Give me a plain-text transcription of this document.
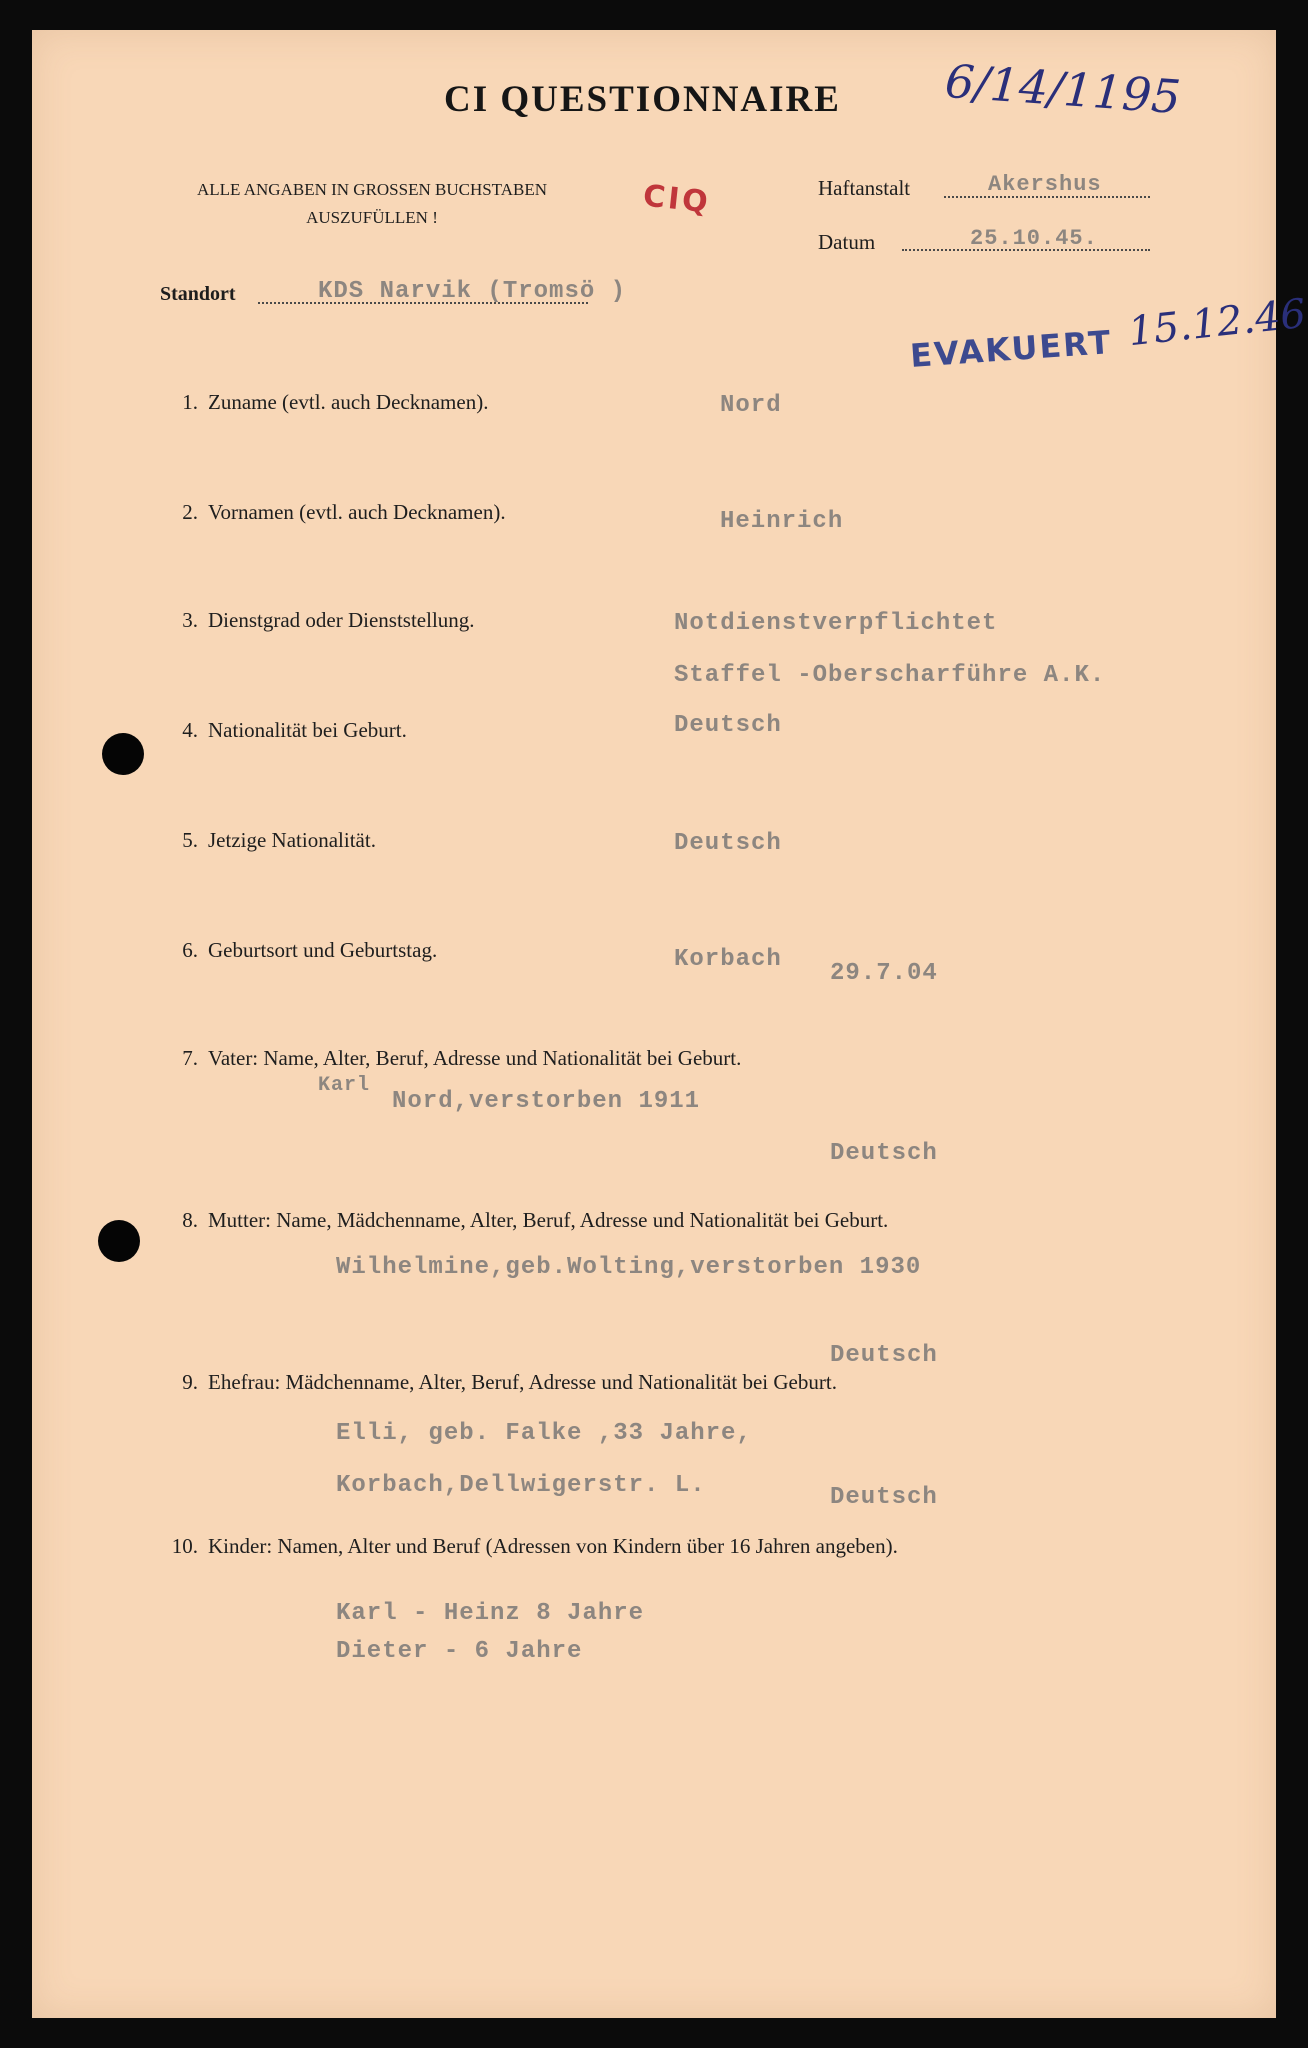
CI QUESTIONNAIRE 6/14/1195
ALLE ANGABEN IN GROSSEN BUCHSTABEN
AUSZUFÜLLEN !	CIQ	Haftanstalt	Akershus
Datum	25.10.45.
Standort	KDS Narvik (Tromsö )
EVAKUERT 15.12.46
1. Zuname (evtl. auch Decknamen).	Nord
2. Vornamen (evtl. auch Decknamen).	Heinrich
3. Dienstgrad oder Dienststellung.	Notdienstverpflichtet
Staffel -Oberscharführe A.K.
4. Nationalität bei Geburt.	Deutsch
5. Jetzige Nationalität.	Deutsch
6. Geburtsort und Geburtstag.	Korbach
29.7.04
7. Vater: Name, Alter, Beruf, Adresse und Nationalität bei Geburt.
Karl
Nord,verstorben 1911
Deutsch
8. Mutter: Name, Mädchenname, Alter, Beruf, Adresse und Nationalität bei Geburt.
Wilhelmine,geb.Wolting,verstorben 1930
Deutsch
9. Ehefrau: Mädchenname, Alter, Beruf, Adresse und Nationalität bei Geburt.
Elli, geb. Falke ,33 Jahre,
Korbach,Dellwigerstr. L.	Deutsch
10. Kinder: Namen, Alter und Beruf (Adressen von Kindern über 16 Jahren angeben).
Karl - Heinz 8 Jahre
Dieter - 6 Jahre
